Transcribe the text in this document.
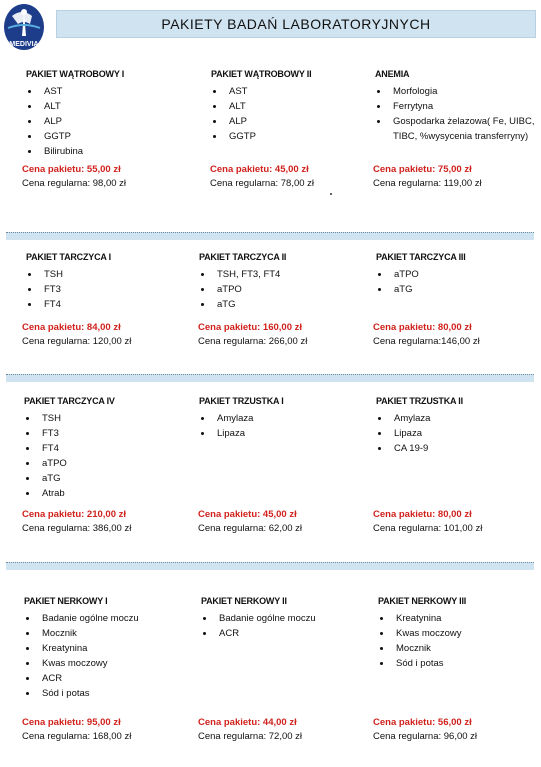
MEDIVIA
PAKIETY BADAŃ LABORATORYJNYCH
PAKIET WĄTROBOWY I
AST
ALT
ALP
GGTP
Bilirubina
Cena pakietu: 55,00 zł
Cena regularna: 98,00 zł
PAKIET WĄTROBOWY II
AST
ALT
ALP
GGTP
Cena pakietu: 45,00 zł
Cena regularna: 78,00 zł
ANEMIA
Morfologia
Ferrytyna
Gospodarka żelazowa( Fe, UIBC, TIBC, %wysycenia transferryny)
Cena pakietu: 75,00 zł
Cena regularna: 119,00 zł
PAKIET TARCZYCA I
TSH
FT3
FT4
Cena pakietu: 84,00 zł
Cena regularna: 120,00 zł
PAKIET TARCZYCA II
TSH, FT3, FT4
aTPO
aTG
Cena pakietu: 160,00 zł
Cena regularna: 266,00 zł
PAKIET TARCZYCA III
aTPO
aTG
Cena pakietu: 80,00 zł
Cena regularna:146,00 zł
PAKIET TARCZYCA IV
TSH
FT3
FT4
aTPO
aTG
Atrab
Cena pakietu: 210,00 zł
Cena regularna: 386,00 zł
PAKIET TRZUSTKA I
Amylaza
Lipaza
Cena pakietu: 45,00 zł
Cena regularna: 62,00 zł
PAKIET TRZUSTKA II
Amylaza
Lipaza
CA 19-9
Cena pakietu: 80,00 zł
Cena regularna: 101,00 zł
PAKIET NERKOWY I
Badanie ogólne moczu
Mocznik
Kreatynina
Kwas moczowy
ACR
Sód i potas
Cena pakietu: 95,00 zł
Cena regularna: 168,00 zł
PAKIET NERKOWY II
Badanie ogólne moczu
ACR
Cena pakietu: 44,00 zł
Cena regularna: 72,00 zł
PAKIET NERKOWY III
Kreatynina
Kwas moczowy
Mocznik
Sód i potas
Cena pakietu: 56,00 zł
Cena regularna: 96,00 zł
